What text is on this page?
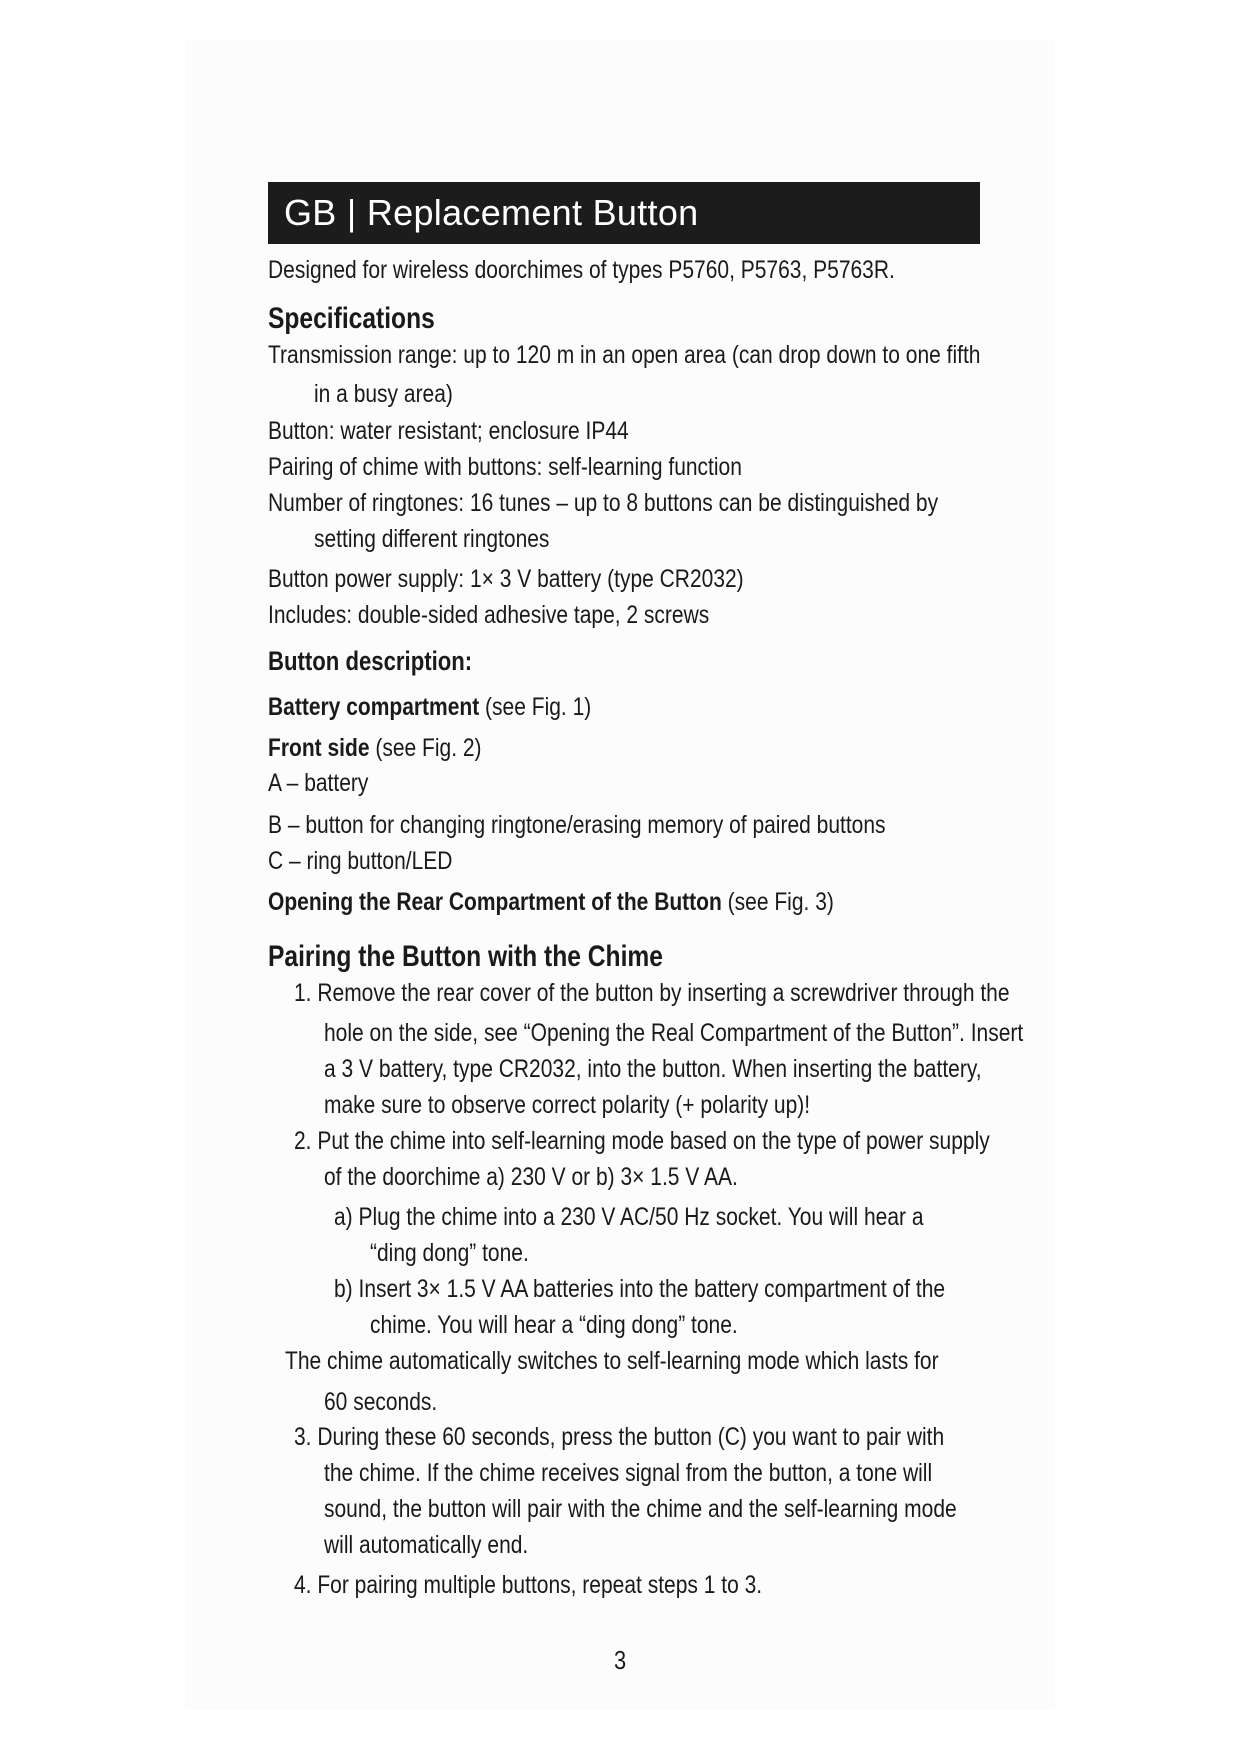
GB | Replacement Button
Designed for wireless doorchimes of types P5760, P5763, P5763R.
Specifications
Transmission range: up to 120 m in an open area (can drop down to one fifth
in a busy area)
Button: water resistant; enclosure IP44
Pairing of chime with buttons: self-learning function
Number of ringtones: 16 tunes – up to 8 buttons can be distinguished by
setting different ringtones
Button power supply: 1× 3 V battery (type CR2032)
Includes: double-sided adhesive tape, 2 screws
Button description:
Battery compartment (see Fig. 1)
Front side (see Fig. 2)
A – battery
B – button for changing ringtone/erasing memory of paired buttons
C – ring button/LED
Opening the Rear Compartment of the Button (see Fig. 3)
Pairing the Button with the Chime
1. Remove the rear cover of the button by inserting a screwdriver through the
hole on the side, see “Opening the Real Compartment of the Button”. Insert
a 3 V battery, type CR2032, into the button. When inserting the battery,
make sure to observe correct polarity (+ polarity up)!
2. Put the chime into self-learning mode based on the type of power supply
of the doorchime a) 230 V or b) 3× 1.5 V AA.
a) Plug the chime into a 230 V AC/50 Hz socket. You will hear a
“ding dong” tone.
b) Insert 3× 1.5 V AA batteries into the battery compartment of the
chime. You will hear a “ding dong” tone.
The chime automatically switches to self-learning mode which lasts for
60 seconds.
3. During these 60 seconds, press the button (C) you want to pair with
the chime. If the chime receives signal from the button, a tone will
sound, the button will pair with the chime and the self-learning mode
will automatically end.
4. For pairing multiple buttons, repeat steps 1 to 3.
3
